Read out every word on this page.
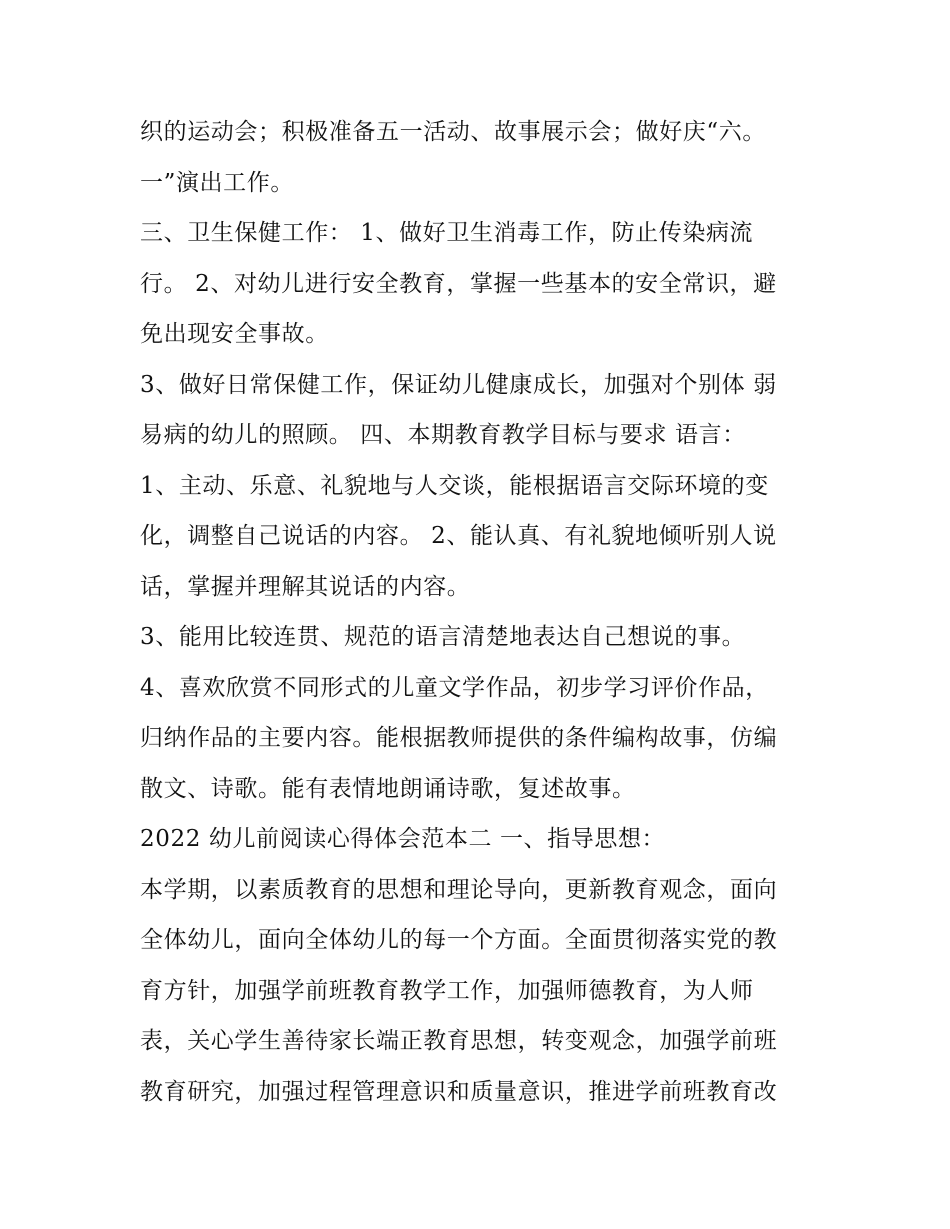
织的运动会；积极准备五一活动、故事展示会；做好庆“六。
一”演出工作。
三、卫生保健工作： 1、做好卫生消毒工作，防止传染病流
行。 2、对幼儿进行安全教育，掌握一些基本的安全常识，避
免出现安全事故。
3、做好日常保健工作，保证幼儿健康成长，加强对个别体 弱
易病的幼儿的照顾。 四、本期教育教学目标与要求 语言：
1、主动、乐意、礼貌地与人交谈，能根据语言交际环境的变
化，调整自己说话的内容。 2、能认真、有礼貌地倾听别人说
话，掌握并理解其说话的内容。
3、能用比较连贯、规范的语言清楚地表达自己想说的事。
4、喜欢欣赏不同形式的儿童文学作品，初步学习评价作品，
归纳作品的主要内容。能根据教师提供的条件编构故事，仿编
散文、诗歌。能有表情地朗诵诗歌，复述故事。
2022 幼儿前阅读心得体会范本二 一、指导思想：
本学期，以素质教育的思想和理论导向，更新教育观念，面向
全体幼儿，面向全体幼儿的每一个方面。全面贯彻落实党的教
育方针，加强学前班教育教学工作，加强师德教育，为人师
表，关心学生善待家长端正教育思想，转变观念，加强学前班
教育研究，加强过程管理意识和质量意识，推进学前班教育改
